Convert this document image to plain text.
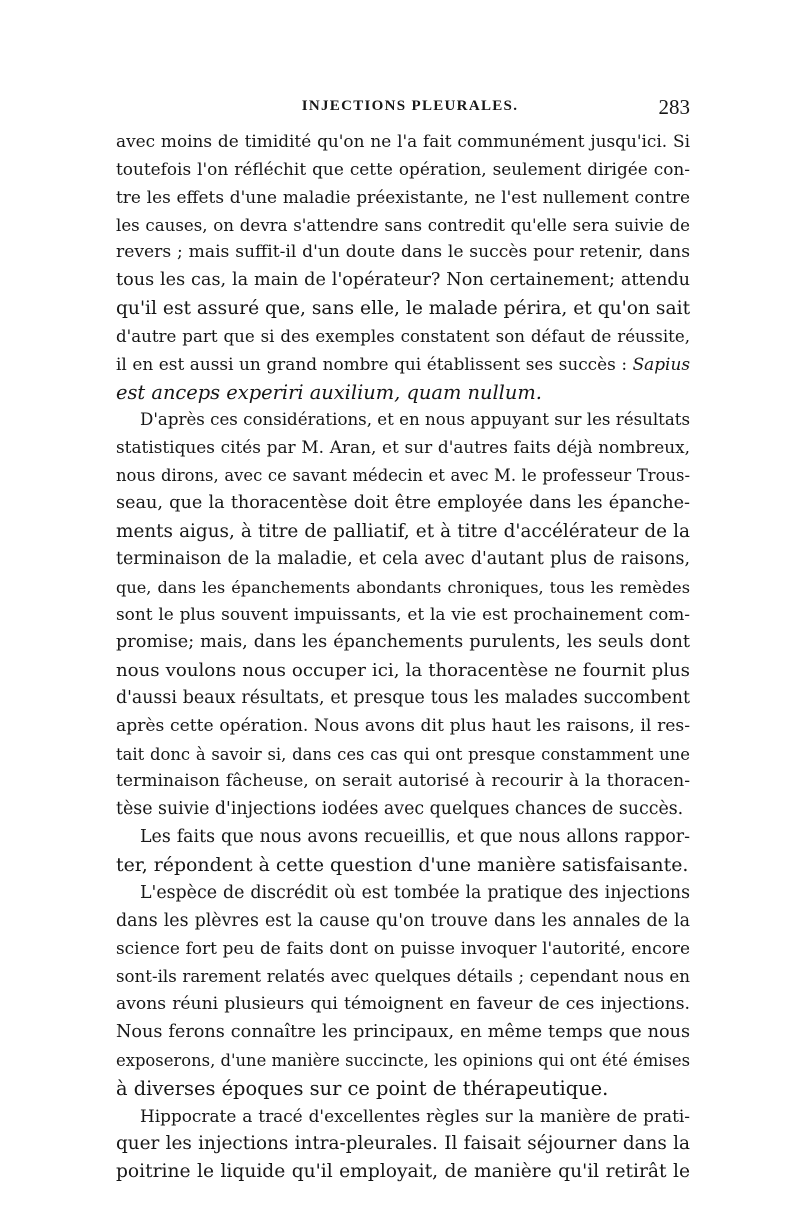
INJECTIONS PLEURALES.	283
avec moins de timidité qu'on ne l'a fait communément jusqu'ici. Si
toutefois l'on réfléchit que cette opération, seulement dirigée con-
tre les effets d'une maladie préexistante, ne l'est nullement contre
les causes, on devra s'attendre sans contredit qu'elle sera suivie de
revers ; mais suffit-il d'un doute dans le succès pour retenir, dans
tous les cas, la main de l'opérateur? Non certainement; attendu
qu'il est assuré que, sans elle, le malade périra, et qu'on sait
d'autre part que si des exemples constatent son défaut de réussite,
il en est aussi un grand nombre qui établissent ses succès : Sapius
est anceps experiri auxilium, quam nullum.
D'après ces considérations, et en nous appuyant sur les résultats
statistiques cités par M. Aran, et sur d'autres faits déjà nombreux,
nous dirons, avec ce savant médecin et avec M. le professeur Trous-
seau, que la thoracentèse doit être employée dans les épanche-
ments aigus, à titre de palliatif, et à titre d'accélérateur de la
terminaison de la maladie, et cela avec d'autant plus de raisons,
que, dans les épanchements abondants chroniques, tous les remèdes
sont le plus souvent impuissants, et la vie est prochainement com-
promise; mais, dans les épanchements purulents, les seuls dont
nous voulons nous occuper ici, la thoracentèse ne fournit plus
d'aussi beaux résultats, et presque tous les malades succombent
après cette opération. Nous avons dit plus haut les raisons, il res-
tait donc à savoir si, dans ces cas qui ont presque constamment une
terminaison fâcheuse, on serait autorisé à recourir à la thoracen-
tèse suivie d'injections iodées avec quelques chances de succès.
Les faits que nous avons recueillis, et que nous allons rappor-
ter, répondent à cette question d'une manière satisfaisante.
L'espèce de discrédit où est tombée la pratique des injections
dans les plèvres est la cause qu'on trouve dans les annales de la
science fort peu de faits dont on puisse invoquer l'autorité, encore
sont-ils rarement relatés avec quelques détails ; cependant nous en
avons réuni plusieurs qui témoignent en faveur de ces injections.
Nous ferons connaître les principaux, en même temps que nous
exposerons, d'une manière succincte, les opinions qui ont été émises
à diverses époques sur ce point de thérapeutique.
Hippocrate a tracé d'excellentes règles sur la manière de prati-
quer les injections intra-pleurales. Il faisait séjourner dans la
poitrine le liquide qu'il employait, de manière qu'il retirât le
